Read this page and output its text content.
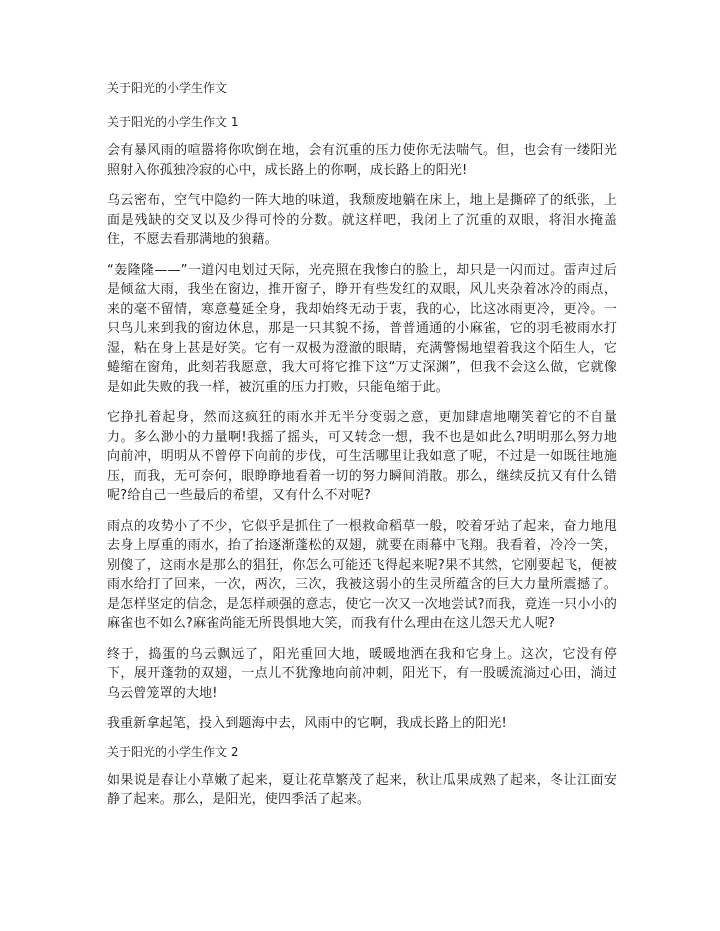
关于阳光的小学生作文
关于阳光的小学生作文 1

会有暴风雨的喧嚣将你吹倒在地，会有沉重的压力使你无法喘气。但，也会有一缕阳光照射入你孤独冷寂的心中，成长路上的你啊，成长路上的阳光!

乌云密布，空气中隐约一阵大地的味道，我颓废地躺在床上，地上是撕碎了的纸张，上面是残缺的交叉以及少得可怜的分数。就这样吧，我闭上了沉重的双眼，将泪水掩盖住，不愿去看那满地的狼藉。

“轰隆隆——”一道闪电划过天际，光亮照在我惨白的脸上，却只是一闪而过。雷声过后是倾盆大雨，我坐在窗边，推开窗子，睁开有些发红的双眼，风儿夹杂着冰冷的雨点，来的毫不留情，寒意蔓延全身，我却始终无动于衷，我的心，比这冰雨更冷，更冷。一只鸟儿来到我的窗边休息，那是一只其貌不扬，普普通通的小麻雀，它的羽毛被雨水打湿，粘在身上甚是好笑。它有一双极为澄澈的眼睛，充满警惕地望着我这个陌生人，它蜷缩在窗角，此刻若我愿意，我大可将它推下这“万丈深渊”，但我不会这么做，它就像是如此失败的我一样，被沉重的压力打败，只能龟缩于此。

它挣扎着起身，然而这疯狂的雨水并无半分变弱之意，更加肆虐地嘲笑着它的不自量力。多么渺小的力量啊!我摇了摇头，可又转念一想，我不也是如此么?明明那么努力地向前冲，明明从不曾停下向前的步伐，可生活哪里让我如意了呢，不过是一如既往地施压，而我，无可奈何，眼睁睁地看着一切的努力瞬间消散。那么，继续反抗又有什么错呢?给自己一些最后的希望，又有什么不对呢?

雨点的攻势小了不少，它似乎是抓住了一根救命稻草一般，咬着牙站了起来，奋力地甩去身上厚重的雨水，抬了抬逐渐蓬松的双翅，就要在雨幕中飞翔。我看着，冷冷一笑，别傻了，这雨水是那么的猖狂，你怎么可能还飞得起来呢?果不其然，它刚要起飞，便被雨水给打了回来，一次，两次，三次，我被这弱小的生灵所蕴含的巨大力量所震撼了。是怎样坚定的信念，是怎样顽强的意志，使它一次又一次地尝试?而我，竟连一只小小的麻雀也不如么?麻雀尚能无所畏惧地大笑，而我有什么理由在这儿怨天尤人呢?

终于，捣蛋的乌云飘远了，阳光重回大地，暖暖地洒在我和它身上。这次，它没有停下，展开蓬勃的双翅，一点儿不犹豫地向前冲刺，阳光下，有一股暖流淌过心田，淌过乌云曾笼罩的大地!

我重新拿起笔，投入到题海中去，风雨中的它啊，我成长路上的阳光!

关于阳光的小学生作文 2

如果说是春让小草嫩了起来，夏让花草繁茂了起来，秋让瓜果成熟了起来，冬让江面安静了起来。那么，是阳光，使四季活了起来。
